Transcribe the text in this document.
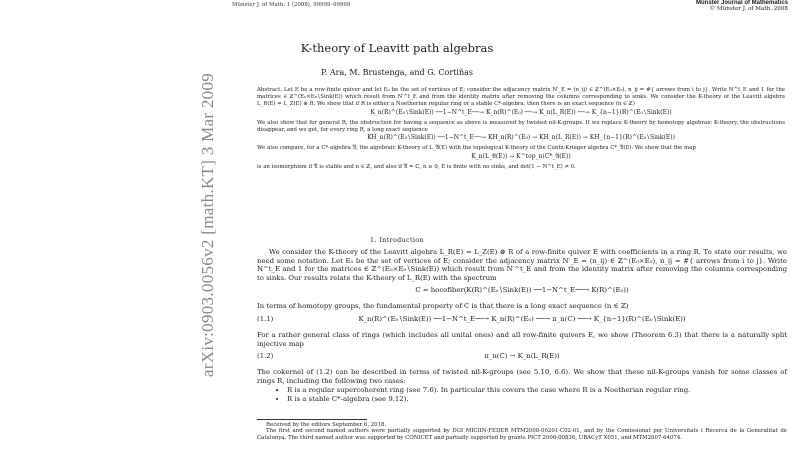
arXiv:0903.0056v2 [math.KT] 3 Mar 2009
Münster J. of Math. 1 (2008), 99999–99999	Münster Journal of Mathematics
© Münster J. of Math. 2008
K-theory of Leavitt path algebras
P. Ara, M. Brustenga, and G. Cortiñas

Abstract. Let E be a row-finite quiver and let E₀ be the set of vertices of E; consider the adjacency matrix N′_E = (n_ij) ∈ ℤ^(E₀×E₀), n_ij = #{ arrows from i to j}. Write N^t_E and 1 for the matrices ∈ ℤ^(E₀×E₀∖Sink(E)) which result from N′^t_E and from the identity matrix after removing the columns corresponding to sinks. We consider the K-theory of the Leavitt algebra L_R(E) = L_Z(E) ⊗ R. We show that if R is either a Noetherian regular ring or a stable C*-algebra, then there is an exact sequence (n ∈ ℤ)

K_n(R)^(E₀∖Sink(E)) ──1−N^t_E──→ K_n(R)^(E₀) ──→ K_n(L_R(E)) ──→ K_{n−1}(R)^(E₀∖Sink(E))

We also show that for general R, the obstruction for having a sequence as above is measured by twisted nil-K-groups. If we replace K-theory by homotopy algebraic K-theory, the obstructions disappear, and we get, for every ring R, a long exact sequence

KH_n(R)^(E₀∖Sink(E)) ──1−N^t_E──→ KH_n(R)^(E₀) → KH_n(L_R(E)) → KH_{n−1}(R)^(E₀∖Sink(E))

We also compare, for a C*-algebra 𝔄, the algebraic K-theory of L_𝔄(E) with the topological K-theory of the Cuntz-Krieger algebra C*_𝔄(E). We show that the map

K_n(L_𝔄(E)) → K^top_n(C*_𝔄(E))

is an isomorphism if 𝔄 is stable and n ∈ ℤ, and also if 𝔄 = ℂ, n ≥ 0, E is finite with no sinks, and det(1 − N^t_E) ≠ 0.

1. Introduction

We consider the K-theory of the Leavitt algebra L_R(E) = L_Z(E) ⊗ R of a row-finite quiver E with coefficients in a ring R. To state our results, we need some notation. Let E₀ be the set of vertices of E; consider the adjacency matrix N′_E = (n_ij) ∈ ℤ^(E₀×E₀), n_ij = #{ arrows from i to j}. Write N^t_E and 1 for the matrices ∈ ℤ^(E₀×E₀∖Sink(E)) which result from N′^t_E and from the identity matrix after removing the columns corresponding to sinks. Our results relate the K-theory of L_R(E) with the spectrum

C = hocofiber(K(R)^(E₀∖Sink(E)) ──1−N^t_E──→ K(R)^(E₀))

In terms of homotopy groups, the fundamental property of C is that there is a long exact sequence (n ∈ ℤ)

(1.1)	K_n(R)^(E₀∖Sink(E)) ──1−N^t_E──→ K_n(R)^(E₀) ──→ π_n(C) ──→ K_{n−1}(R)^(E₀∖Sink(E))

For a rather general class of rings (which includes all unital ones) and all row-finite quivers E, we show (Theorem 6.3) that there is a naturally split injective map

(1.2)	π_n(C) → K_n(L_R(E))

The cokernel of (1.2) can be described in terms of twisted nil-K-groups (see 5.10, 6.6). We show that these nil-K-groups vanish for some classes of rings R, including the following two cases:

• R is a regular supercoherent ring (see 7.6). In particular this covers the case where R is a Noetherian regular ring.
• R is a stable C*-algebra (see 9.12).

Received by the editors September 6, 2018.

The first and second named authors were partially supported by DGI MICIIN-FEDER MTM2008-06201-C02-01, and by the Comissionat per Universitats i Recerca de la Generalitat de Catalunya. The third named author was supported by CONICET and partially supported by grants PICT 2006-00836, UBACyT X051, and MTM2007-64074.
